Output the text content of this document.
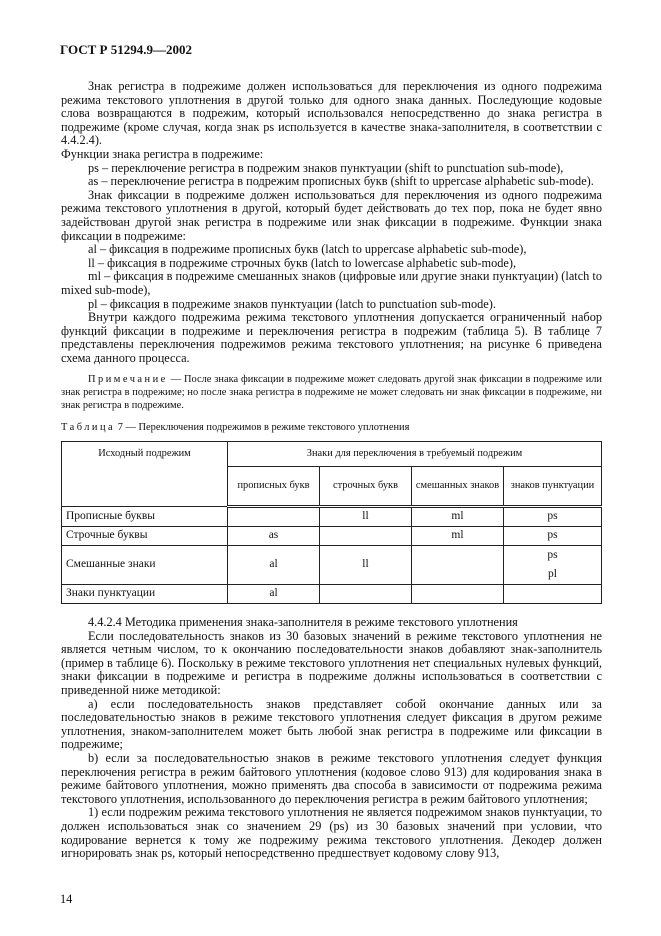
ГОСТ Р 51294.9—2002

Знак регистра в подрежиме должен использоваться для переключения из одного подрежима режима текстового уплотнения в другой только для одного знака данных. Последующие кодовые слова возвращаются в подрежим, который использовался непосредственно до знака регистра в подрежиме (кроме случая, когда знак ps используется в качестве знака-заполнителя, в соответствии с 4.4.2.4).

Функции знака регистра в подрежиме:

ps – переключение регистра в подрежим знаков пунктуации (shift to punctuation sub-mode),

as – переключение регистра в подрежим прописных букв (shift to uppercase alphabetic sub-mode).

Знак фиксации в подрежиме должен использоваться для переключения из одного подрежима режима текстового уплотнения в другой, который будет действовать до тех пор, пока не будет явно задействован другой знак регистра в подрежиме или знак фиксации в подрежиме. Функции знака фиксации в подрежиме:

al – фиксация в подрежиме прописных букв (latch to uppercase alphabetic sub-mode),

ll – фиксация в подрежиме строчных букв (latch to lowercase alphabetic sub-mode),

ml – фиксация в подрежиме смешанных знаков (цифровые или другие знаки пунктуации) (latch to mixed sub-mode),

pl – фиксация в подрежиме знаков пунктуации (latch to punctuation sub-mode).

Внутри каждого подрежима режима текстового уплотнения допускается ограниченный набор функций фиксации в подрежиме и переключения регистра в подрежим (таблица 5). В таблице 7 представлены переключения подрежимов режима текстового уплотнения; на рисунке 6 приведена схема данного процесса.

Примечание — После знака фиксации в подрежиме может следовать другой знак фиксации в подрежиме или знак регистра в подрежиме; но после знака регистра в подрежиме не может следовать ни знак фиксации в подрежиме, ни знак регистра в подрежиме.

Таблица 7 — Переключения подрежимов в режиме текстового уплотнения

Исходный подрежим	Знаки для переключения в требуемый подрежим			
	прописных букв	строчных букв	смешанных знаков	знаков пунктуации
Прописные буквы		ll	ml	ps
Строчные буквы	as		ml	ps
Смешанные знаки	al	ll		ps
pl

Знаки пунктуации	al			

4.4.2.4 Методика применения знака-заполнителя в режиме текстового уплотнения

Если последовательность знаков из 30 базовых значений в режиме текстового уплотнения не является четным числом, то к окончанию последовательности знаков добавляют знак-заполнитель (пример в таблице 6). Поскольку в режиме текстового уплотнения нет специальных нулевых функций, знаки фиксации в подрежиме и регистра в подрежиме должны использоваться в соответствии с приведенной ниже методикой:

a) если последовательность знаков представляет собой окончание данных или за последовательностью знаков в режиме текстового уплотнения следует фиксация в другом режиме уплотнения, знаком-заполнителем может быть любой знак регистра в подрежиме или фиксации в подрежиме;

b) если за последовательностью знаков в режиме текстового уплотнения следует функция переключения регистра в режим байтового уплотнения (кодовое слово 913) для кодирования знака в режиме байтового уплотнения, можно применять два способа в зависимости от подрежима режима текстового уплотнения, использованного до переключения регистра в режим байтового уплотнения;

1) если подрежим режима текстового уплотнения не является подрежимом знаков пунктуации, то должен использоваться знак со значением 29 (ps) из 30 базовых значений при условии, что кодирование вернется к тому же подрежиму режима текстового уплотнения. Декодер должен игнорировать знак ps, который непосредственно предшествует кодовому слову 913,

14
